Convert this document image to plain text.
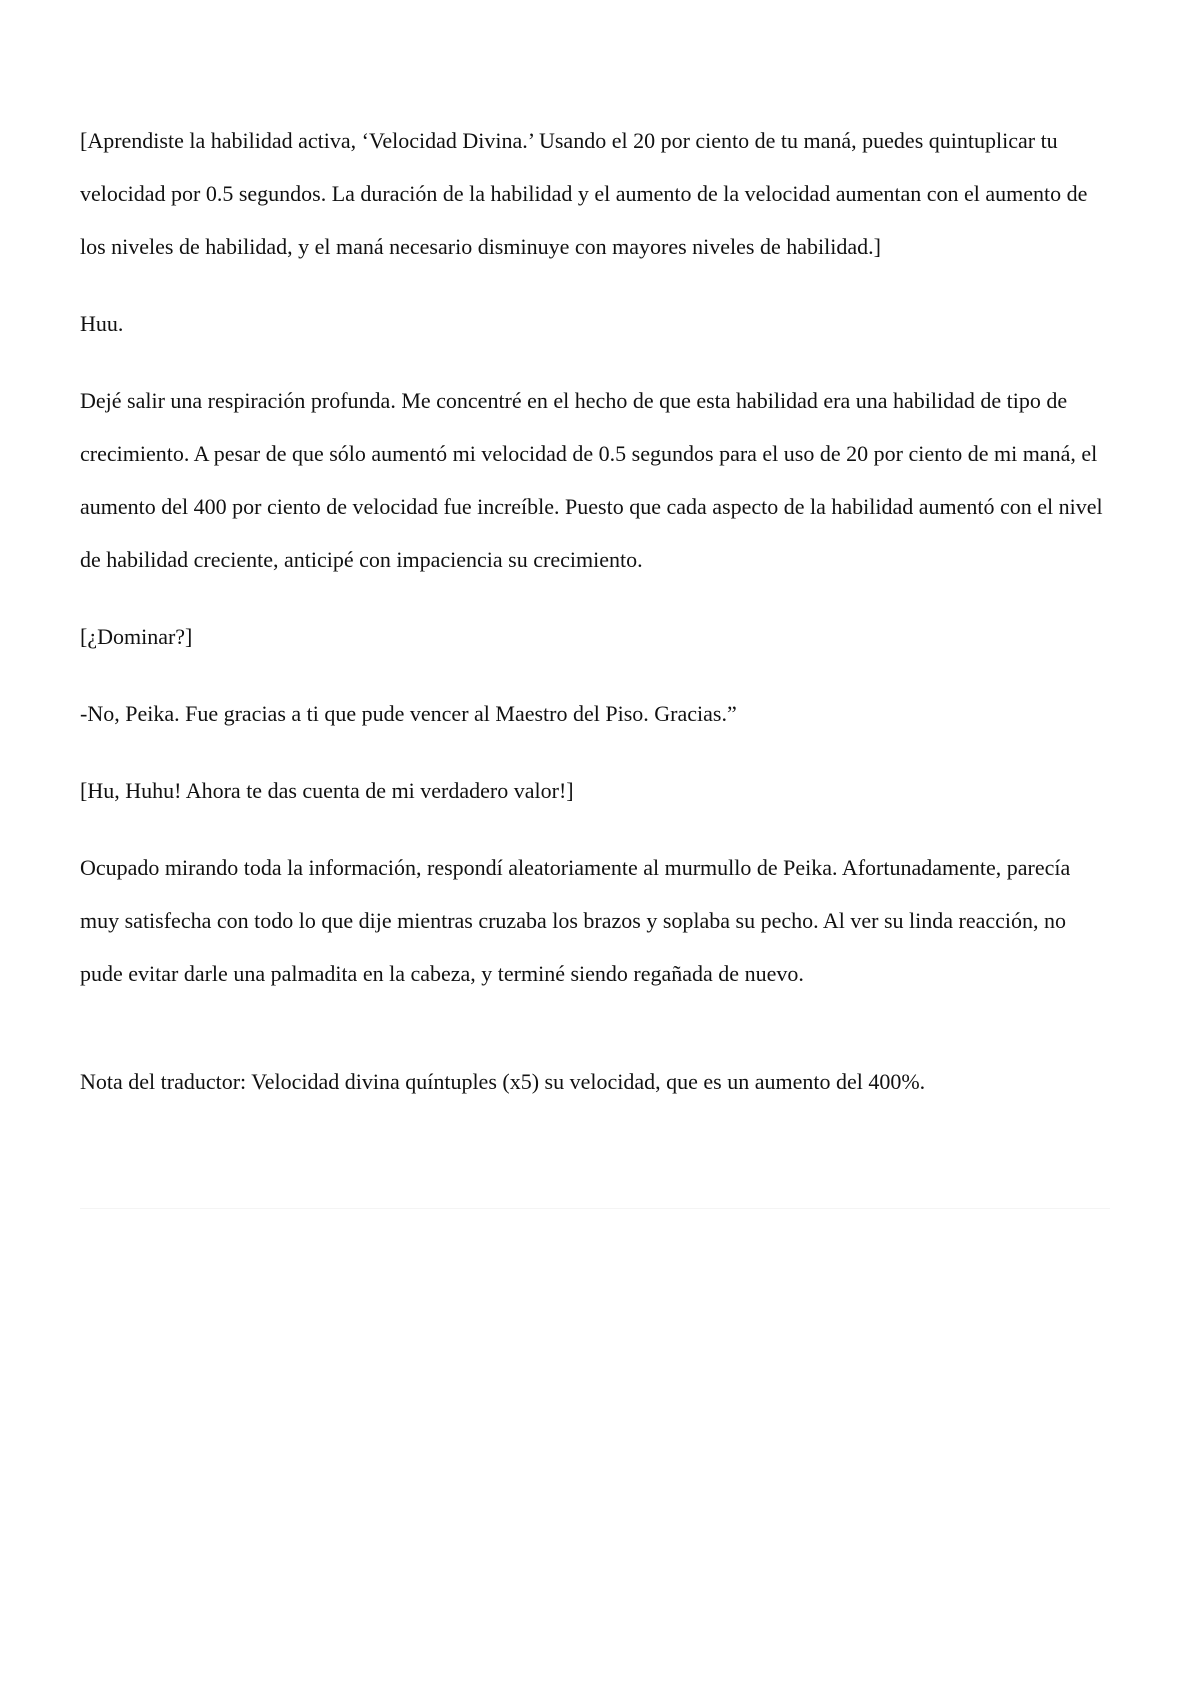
[Aprendiste la habilidad activa, ‘Velocidad Divina.’ Usando el 20 por ciento de tu maná, puedes quintuplicar tu velocidad por 0.5 segundos. La duración de la habilidad y el aumento de la velocidad aumentan con el aumento de los niveles de habilidad, y el maná necesario disminuye con mayores niveles de habilidad.]

Huu.

Dejé salir una respiración profunda. Me concentré en el hecho de que esta habilidad era una habilidad de tipo de crecimiento. A pesar de que sólo aumentó mi velocidad de 0.5 segundos para el uso de 20 por ciento de mi maná, el aumento del 400 por ciento de velocidad fue increíble. Puesto que cada aspecto de la habilidad aumentó con el nivel de habilidad creciente, anticipé con impaciencia su crecimiento.

[¿Dominar?]

-No, Peika. Fue gracias a ti que pude vencer al Maestro del Piso. Gracias.”

[Hu, Huhu! Ahora te das cuenta de mi verdadero valor!]

Ocupado mirando toda la información, respondí aleatoriamente al murmullo de Peika. Afortunadamente, parecía muy satisfecha con todo lo que dije mientras cruzaba los brazos y soplaba su pecho. Al ver su linda reacción, no pude evitar darle una palmadita en la cabeza, y terminé siendo regañada de nuevo.

Nota del traductor: Velocidad divina quíntuples (x5) su velocidad, que es un aumento del 400%.
